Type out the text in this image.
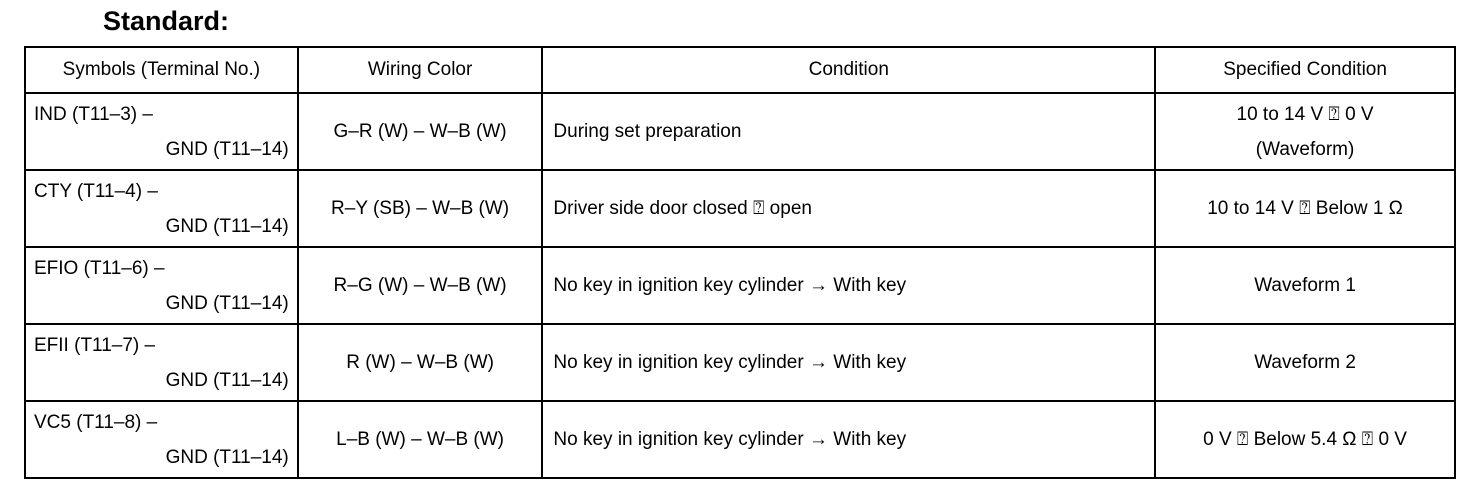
Standard:
Symbols (Terminal No.)	Wiring Color	Condition	Specified Condition

IND (T11–3) –
GND (T11–14)	G–R (W) – W–B (W)	During set preparation	10 to 14 V ⍰ 0 V
(Waveform)

CTY (T11–4) –
GND (T11–14)	R–Y (SB) – W–B (W)	Driver side door closed ⍰ open	10 to 14 V ⍰ Below 1 Ω

EFIO (T11–6) –
GND (T11–14)	R–G (W) – W–B (W)	No key in ignition key cylinder → With key	Waveform 1

EFII (T11–7) –
GND (T11–14)	R (W) – W–B (W)	No key in ignition key cylinder → With key	Waveform 2

VC5 (T11–8) –
GND (T11–14)	L–B (W) – W–B (W)	No key in ignition key cylinder → With key	0 V ⍰ Below 5.4 Ω ⍰ 0 V
